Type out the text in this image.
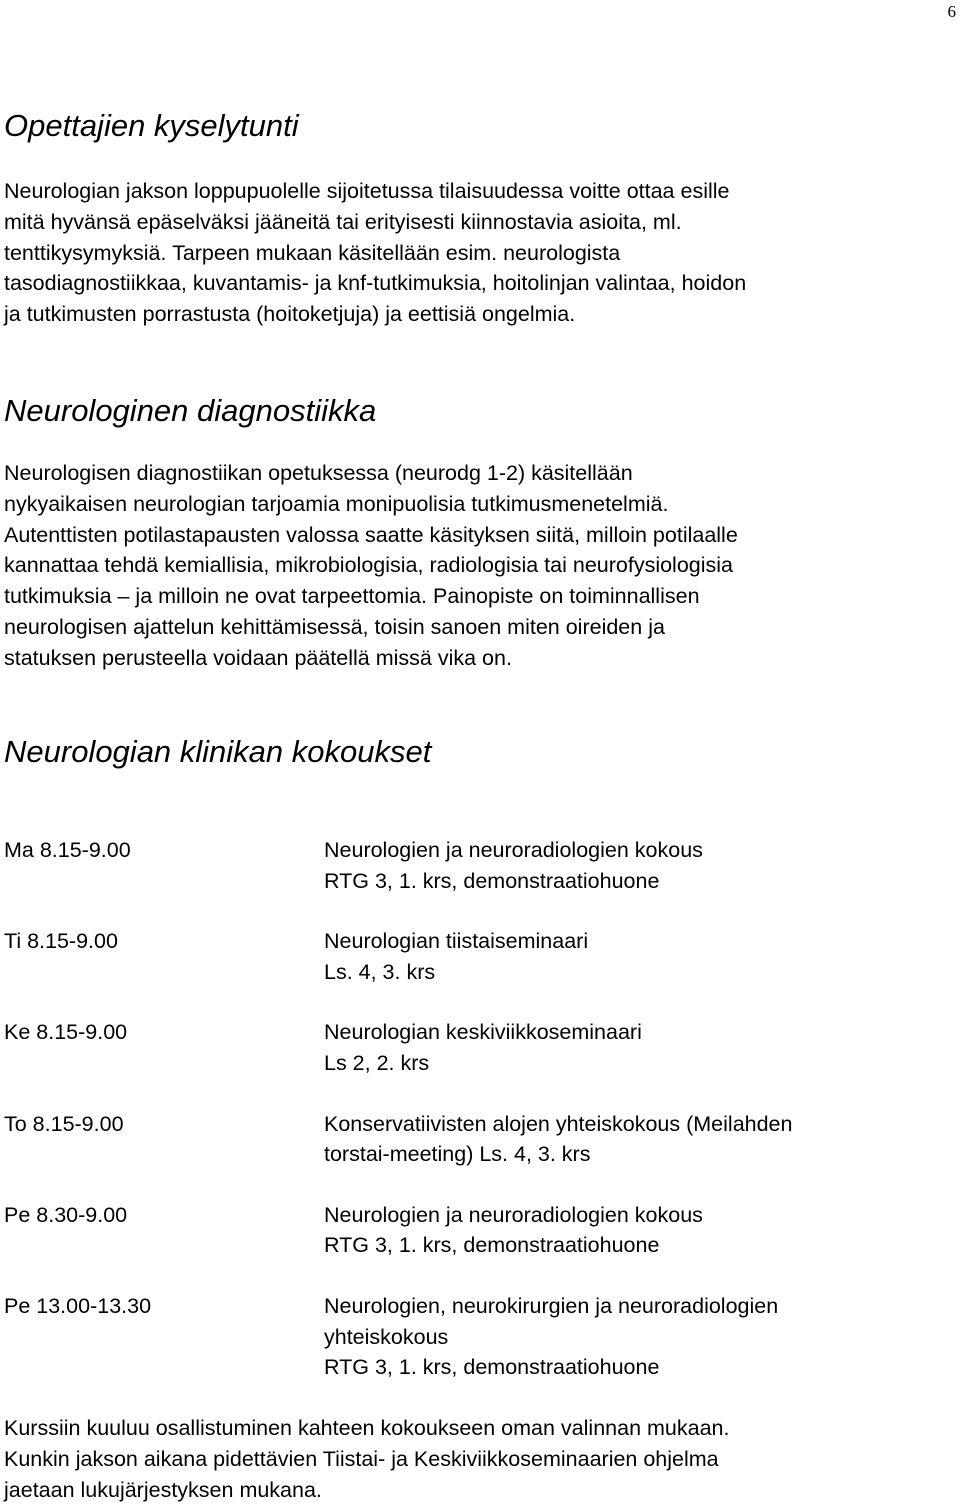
6
Opettajien kyselytunti
Neurologian jakson loppupuolelle sijoitetussa tilaisuudessa voitte ottaa esille
mitä hyvänsä epäselväksi jääneitä tai erityisesti kiinnostavia asioita, ml.
tenttikysymyksiä. Tarpeen mukaan käsitellään esim. neurologista
tasodiagnostiikkaa, kuvantamis- ja knf-tutkimuksia, hoitolinjan valintaa, hoidon
ja tutkimusten porrastusta (hoitoketjuja) ja eettisiä ongelmia.
Neurologinen diagnostiikka
Neurologisen diagnostiikan opetuksessa (neurodg 1-2) käsitellään
nykyaikaisen neurologian tarjoamia monipuolisia tutkimusmenetelmiä.
Autenttisten potilastapausten valossa saatte käsityksen siitä, milloin potilaalle
kannattaa tehdä kemiallisia, mikrobiologisia, radiologisia tai neurofysiologisia
tutkimuksia – ja milloin ne ovat tarpeettomia. Painopiste on toiminnallisen
neurologisen ajattelun kehittämisessä, toisin sanoen miten oireiden ja
statuksen perusteella voidaan päätellä missä vika on.
Neurologian klinikan kokoukset
Ma 8.15-9.00	Neurologien ja neuroradiologien kokous
RTG 3, 1. krs, demonstraatiohuone
Ti 8.15-9.00	Neurologian tiistaiseminaari
Ls. 4, 3. krs
Ke 8.15-9.00	Neurologian keskiviikkoseminaari
Ls 2, 2. krs
To 8.15-9.00	Konservatiivisten alojen yhteiskokous (Meilahden
torstai-meeting) Ls. 4, 3. krs
Pe 8.30-9.00	Neurologien ja neuroradiologien kokous
RTG 3, 1. krs, demonstraatiohuone
Pe 13.00-13.30	Neurologien, neurokirurgien ja neuroradiologien
yhteiskokous
RTG 3, 1. krs, demonstraatiohuone
Kurssiin kuuluu osallistuminen kahteen kokoukseen oman valinnan mukaan.
Kunkin jakson aikana pidettävien Tiistai- ja Keskiviikkoseminaarien ohjelma
jaetaan lukujärjestyksen mukana.
